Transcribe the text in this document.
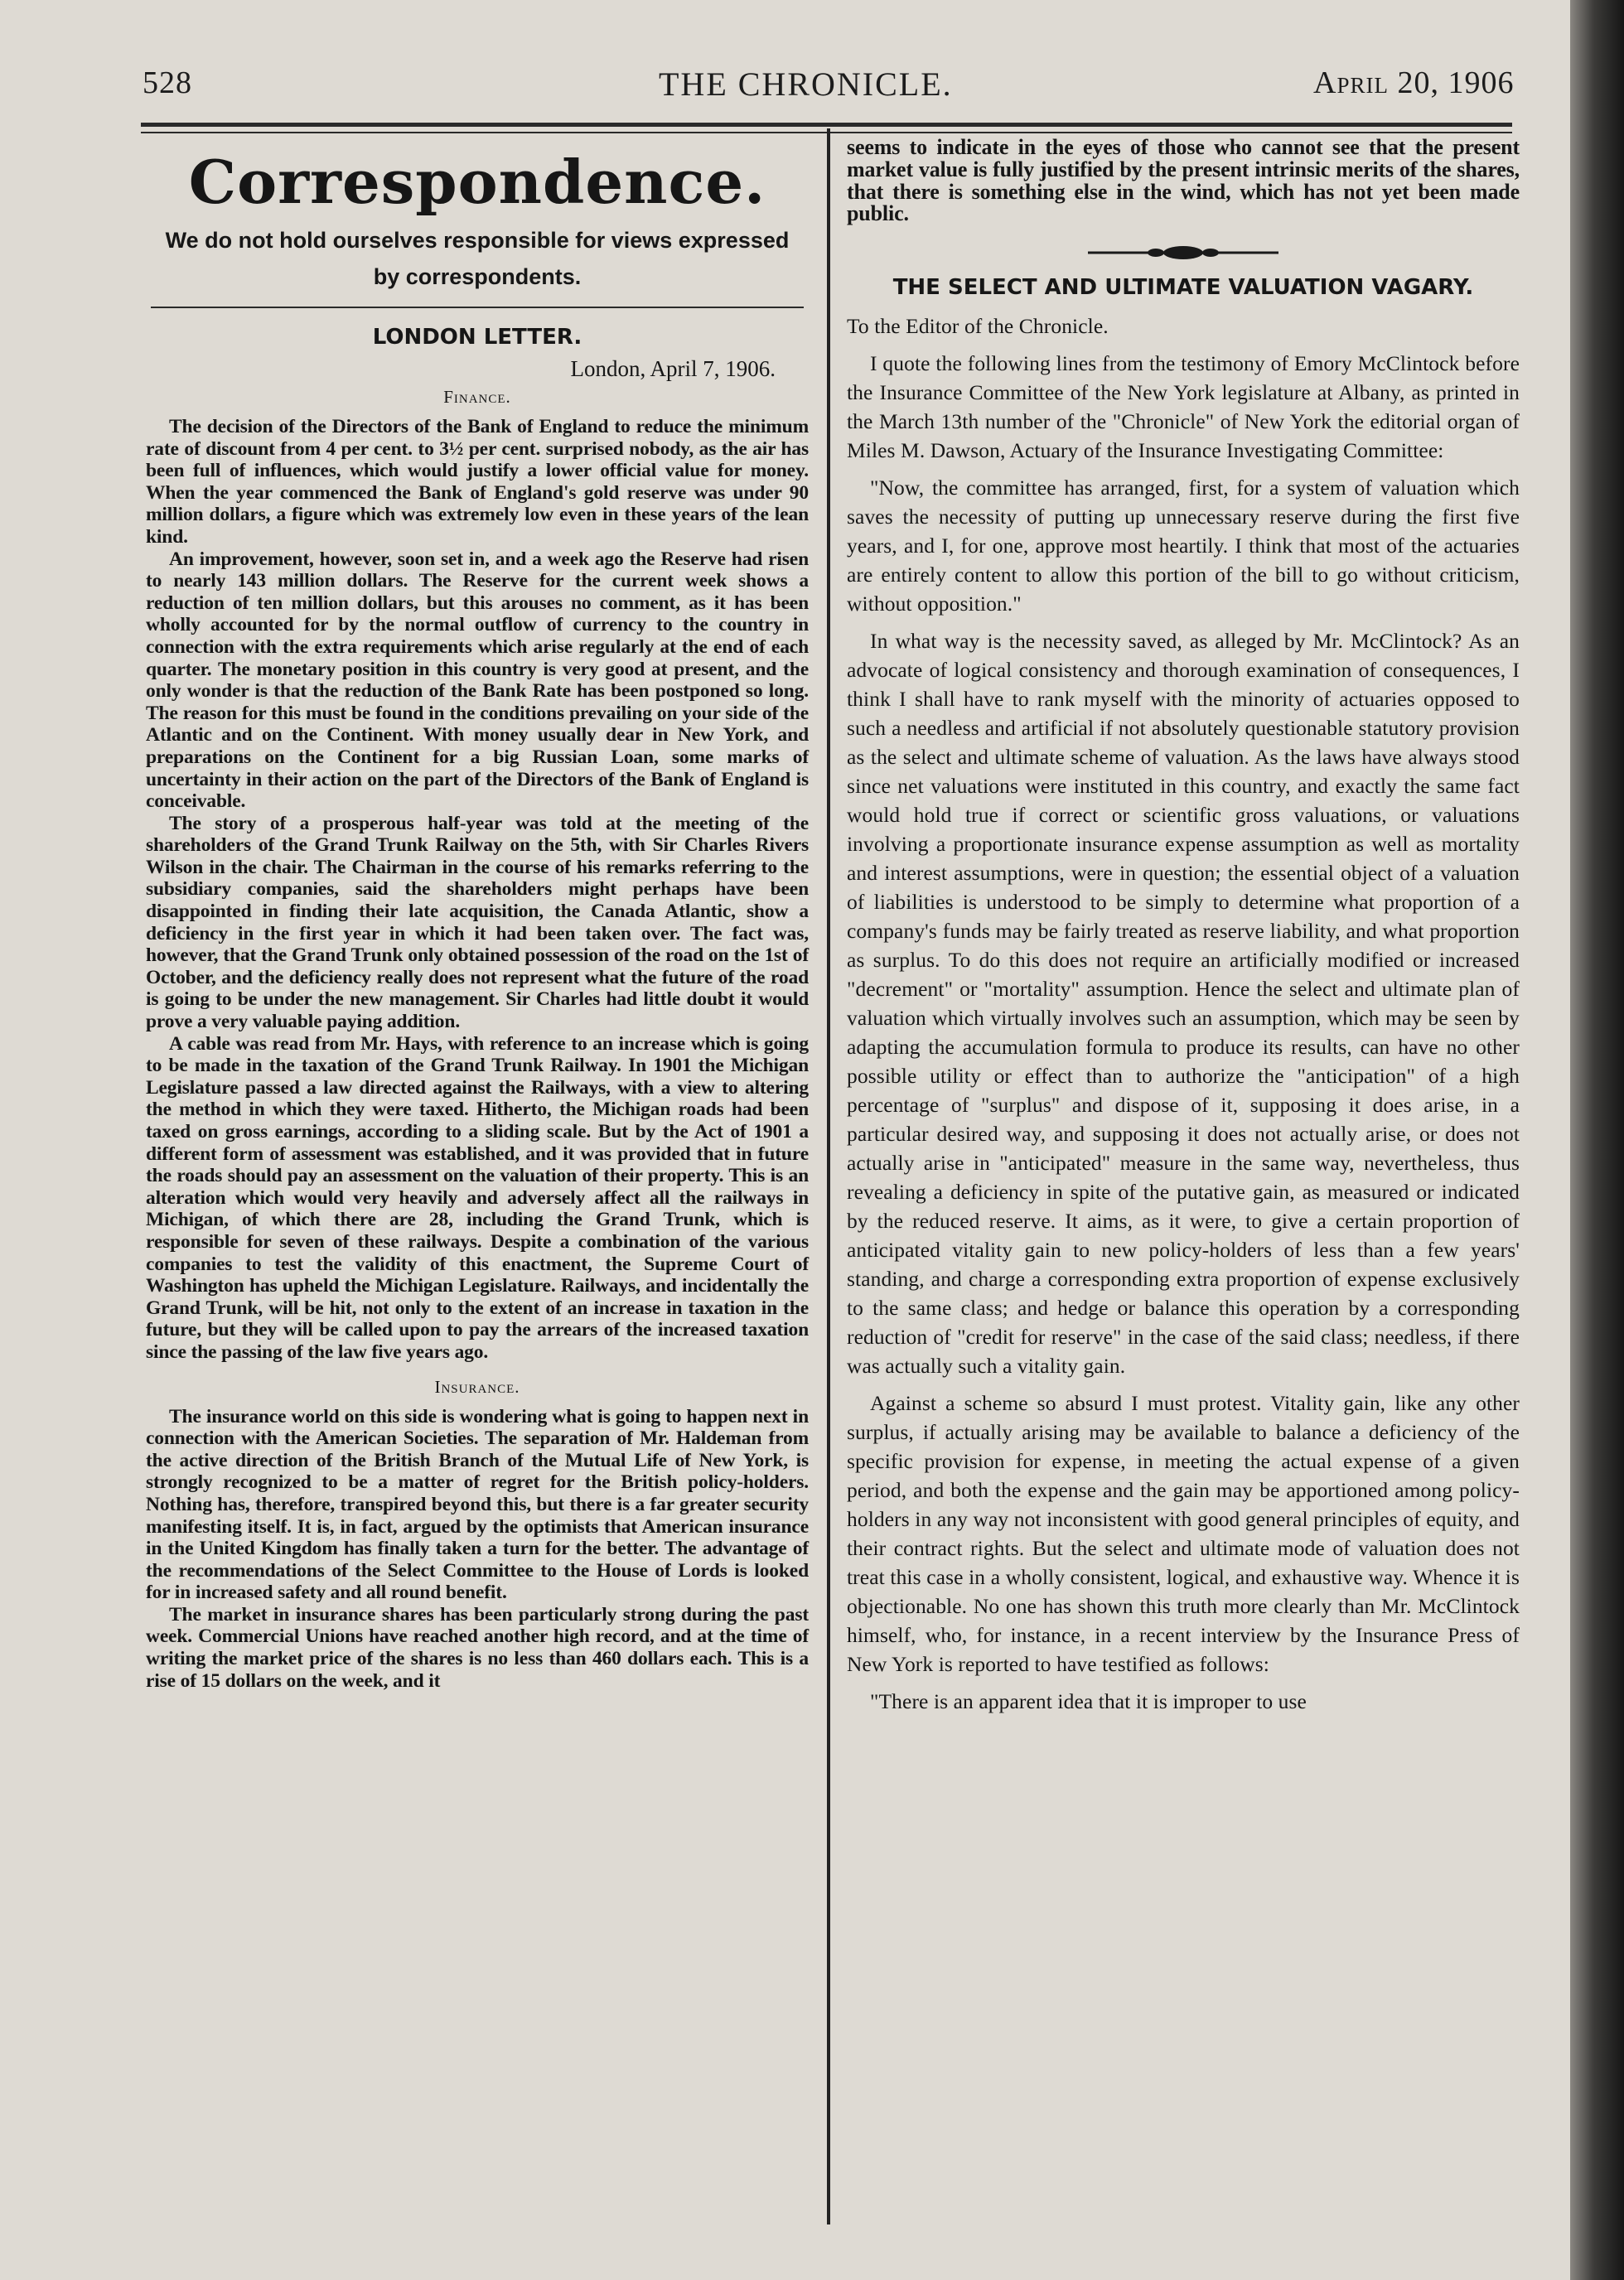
528	THE CHRONICLE.	April 20, 1906
Correspondence.
We do not hold ourselves responsible for views expressed
by correspondents.
LONDON LETTER.
London, April 7, 1906.
Finance.

The decision of the Directors of the Bank of England to reduce the minimum rate of discount from 4 per cent. to 3½ per cent. surprised nobody, as the air has been full of influences, which would justify a lower official value for money. When the year commenced the Bank of England's gold reserve was under 90 million dollars, a figure which was extremely low even in these years of the lean kind.

An improvement, however, soon set in, and a week ago the Reserve had risen to nearly 143 million dollars. The Reserve for the current week shows a reduction of ten million dollars, but this arouses no comment, as it has been wholly accounted for by the normal outflow of currency to the country in connection with the extra requirements which arise regularly at the end of each quarter. The monetary position in this country is very good at present, and the only wonder is that the reduction of the Bank Rate has been postponed so long. The reason for this must be found in the conditions prevailing on your side of the Atlantic and on the Continent. With money usually dear in New York, and preparations on the Continent for a big Russian Loan, some marks of uncertainty in their action on the part of the Directors of the Bank of England is conceivable.

The story of a prosperous half-year was told at the meeting of the shareholders of the Grand Trunk Railway on the 5th, with Sir Charles Rivers Wilson in the chair. The Chairman in the course of his remarks referring to the subsidiary companies, said the shareholders might perhaps have been disappointed in finding their late acquisition, the Canada Atlantic, show a deficiency in the first year in which it had been taken over. The fact was, however, that the Grand Trunk only obtained possession of the road on the 1st of October, and the deficiency really does not represent what the future of the road is going to be under the new management. Sir Charles had little doubt it would prove a very valuable paying addition.

A cable was read from Mr. Hays, with reference to an increase which is going to be made in the taxation of the Grand Trunk Railway. In 1901 the Michigan Legislature passed a law directed against the Railways, with a view to altering the method in which they were taxed. Hitherto, the Michigan roads had been taxed on gross earnings, according to a sliding scale. But by the Act of 1901 a different form of assessment was established, and it was provided that in future the roads should pay an assessment on the valuation of their property. This is an alteration which would very heavily and adversely affect all the railways in Michigan, of which there are 28, including the Grand Trunk, which is responsible for seven of these railways. Despite a combination of the various companies to test the validity of this enactment, the Supreme Court of Washington has upheld the Michigan Legislature. Railways, and incidentally the Grand Trunk, will be hit, not only to the extent of an increase in taxation in the future, but they will be called upon to pay the arrears of the increased taxation since the passing of the law five years ago.

Insurance.

The insurance world on this side is wondering what is going to happen next in connection with the American Societies. The separation of Mr. Haldeman from the active direction of the British Branch of the Mutual Life of New York, is strongly recognized to be a matter of regret for the British policy-holders. Nothing has, therefore, transpired beyond this, but there is a far greater security manifesting itself. It is, in fact, argued by the optimists that American insurance in the United Kingdom has finally taken a turn for the better. The advantage of the recommendations of the Select Committee to the House of Lords is looked for in increased safety and all round benefit.

The market in insurance shares has been particularly strong during the past week. Commercial Unions have reached another high record, and at the time of writing the market price of the shares is no less than 460 dollars each. This is a rise of 15 dollars on the week, and it

seems to indicate in the eyes of those who cannot see that the present market value is fully justified by the present intrinsic merits of the shares, that there is something else in the wind, which has not yet been made public.

THE SELECT AND ULTIMATE VALUATION VAGARY.

To the Editor of the Chronicle.

I quote the following lines from the testimony of Emory McClintock before the Insurance Committee of the New York legislature at Albany, as printed in the March 13th number of the "Chronicle" of New York the editorial organ of Miles M. Dawson, Actuary of the Insurance Investigating Committee:

"Now, the committee has arranged, first, for a system of valuation which saves the necessity of putting up unnecessary reserve during the first five years, and I, for one, approve most heartily. I think that most of the actuaries are entirely content to allow this portion of the bill to go without criticism, without opposition."

In what way is the necessity saved, as alleged by Mr. McClintock? As an advocate of logical consistency and thorough examination of consequences, I think I shall have to rank myself with the minority of actuaries opposed to such a needless and artificial if not absolutely questionable statutory provision as the select and ultimate scheme of valuation. As the laws have always stood since net valuations were instituted in this country, and exactly the same fact would hold true if correct or scientific gross valuations, or valuations involving a proportionate insurance expense assumption as well as mortality and interest assumptions, were in question; the essential object of a valuation of liabilities is understood to be simply to determine what proportion of a company's funds may be fairly treated as reserve liability, and what proportion as surplus. To do this does not require an artificially modified or increased "decrement" or "mortality" assumption. Hence the select and ultimate plan of valuation which virtually involves such an assumption, which may be seen by adapting the accumulation formula to produce its results, can have no other possible utility or effect than to authorize the "anticipation" of a high percentage of "surplus" and dispose of it, supposing it does arise, in a particular desired way, and supposing it does not actually arise, or does not actually arise in "anticipated" measure in the same way, nevertheless, thus revealing a deficiency in spite of the putative gain, as measured or indicated by the reduced reserve. It aims, as it were, to give a certain proportion of anticipated vitality gain to new policy-holders of less than a few years' standing, and charge a corresponding extra proportion of expense exclusively to the same class; and hedge or balance this operation by a corresponding reduction of "credit for reserve" in the case of the said class; needless, if there was actually such a vitality gain.

Against a scheme so absurd I must protest. Vitality gain, like any other surplus, if actually arising may be available to balance a deficiency of the specific provision for expense, in meeting the actual expense of a given period, and both the expense and the gain may be apportioned among policy-holders in any way not inconsistent with good general principles of equity, and their contract rights. But the select and ultimate mode of valuation does not treat this case in a wholly consistent, logical, and exhaustive way. Whence it is objectionable. No one has shown this truth more clearly than Mr. McClintock himself, who, for instance, in a recent interview by the Insurance Press of New York is reported to have testified as follows:

"There is an apparent idea that it is improper to use
